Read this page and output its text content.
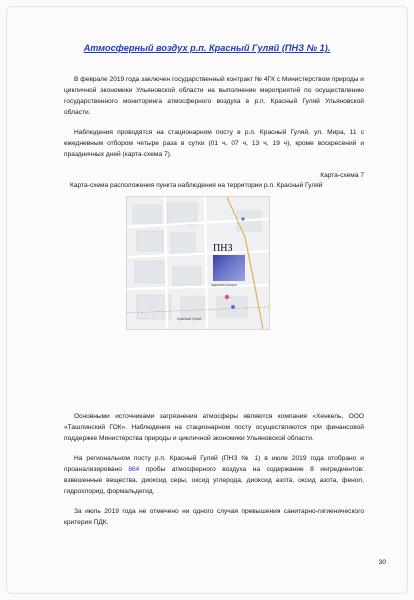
Атмосферный воздух р.п. Красный Гуляй (ПНЗ № 1).
В феврале 2019 года заключен государственный контракт № 4ГК с Министерством природы и цикличной экономики Ульяновской области на выполнение мероприятий по осуществлению государственного мониторинга атмосферного воздуха в р.п. Красный Гуляй Ульяновской области.
Наблюдения проводятся на стационарном посту в р.п. Красный Гуляй, ул. Мира, 11 с ежедневным отбором четыре раза в сутки (01 ч, 07 ч, 13 ч, 19 ч), кроме воскресений и праздничных дней (карта-схема 7).
Карта-схема 7
Карта-схема расположения пункта наблюдения на территории р.п. Красный Гуляй
ПНЗ
Администрация
Красный Гуляй
Основными источниками загрязнения атмосферы являются компания «Хенкель, ООО «Ташлинский ГОК». Наблюдения на стационарном посту осуществляются при финансовой поддержке Министерства природы и цикличной экономики Ульяновской области.
На региональном посту р.п. Красный Гуляй (ПНЗ № 1) в июле 2019 года отобрано и проанализировано 864 пробы атмосферного воздуха на содержание 8 ингредиентов: взвешенные вещества, диоксид серы, оксид углерода, диоксид азота, оксид азота, фенол, гидрохлорид, формальдегид.
За июль 2019 года не отмечено ни одного случая превышения санитарно-гигиенического критерия ПДК.
30
